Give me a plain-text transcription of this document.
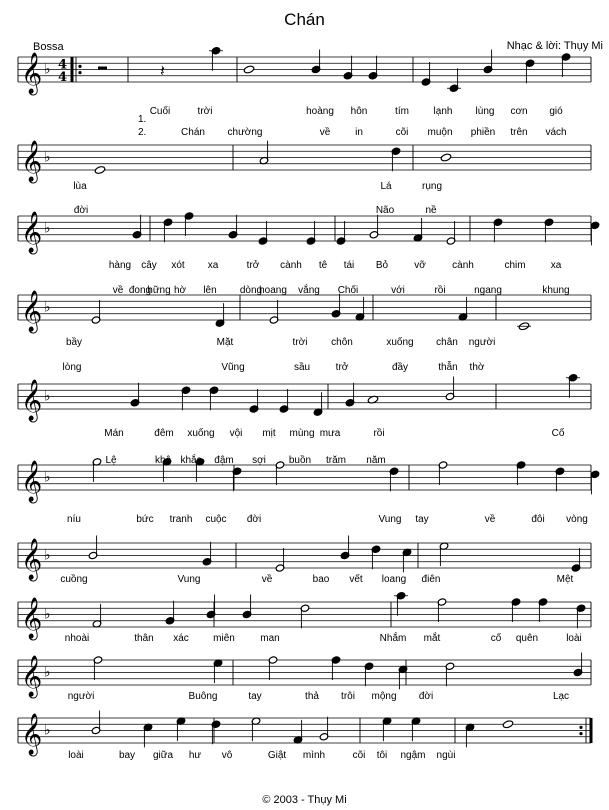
Chán
Bossa	Nhạc & lời: Thụy Mi
𝄞 ♭ 4
4	𝄽
𝄞 ♭
𝄞 ♭
𝄞 ♭
𝄞 ♭
𝄞 ♭
𝄞 ♭
𝄞 ♭
𝄞 ♭
𝄞 ♭
1.
2.
Cuối	trời	hoàng hôn	tím lạnh lùng cơn gió
Chán chường	về in	cõi muộn phiền trên vách
lùa	Lá	rụng
đời	Não	nề
hàng cây xót xa	trở cành tê tái Bỏ	vỡ	cành	chim	xa
về đong
hững hờ lên dòng
hoang vắng Chối	với	rồi	ngang	khung
bầy	Mặt	trời chôn	xuống chân người
lòng	Vũng	sầu	trở	đầy	thẫn thờ
Mán	đêm xuống vội mịt mùng mưa	rồi	Cố
Lệ	khô khắc đậm sợi buồn trăm năm
níu	bức tranh cuộc đời	Vung tay	về	đôi vòng
cuồng	Vung	về	bao vết loang điên	Mệt
nhoài	thân xác miên	man	Nhắm mắt	cố quên	loài
người	Buông	tay	thả trôi mộng đời	Lạc
loài	bay giữa hư vô	Giật mình	cõi tôi ngậm ngùi
© 2003 - Thụy Mi
